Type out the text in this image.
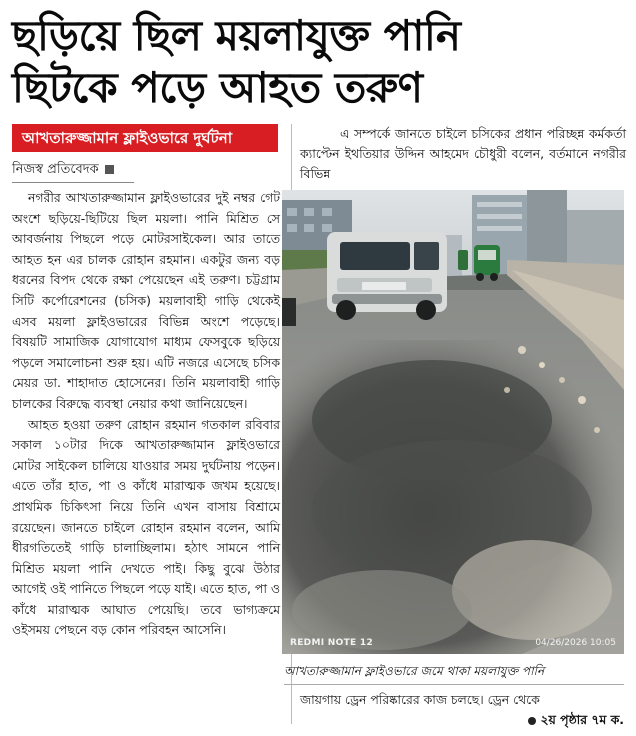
ছড়িয়ে ছিল ময়লাযুক্ত পানি
ছিটকে পড়ে আহত তরুণ
আখতারুজ্জামান ফ্লাইওভারে দুর্ঘটনা
নিজস্ব প্রতিবেদক

নগরীর আখতারুজ্জামান ফ্লাইওভারের দুই নম্বর গেট অংশে ছড়িয়ে-ছিটিয়ে ছিল ময়লা। পানি মিশ্রিত সে আবর্জনায় পিছলে পড়ে মোটরসাইকেল। আর তাতে আহত হন এর চালক রোহান রহমান। একটুর জন্য বড় ধরনের বিপদ থেকে রক্ষা পেয়েছেন এই তরুণ। চট্টগ্রাম সিটি কর্পোরেশনের (চসিক) ময়লাবাহী গাড়ি থেকেই এসব ময়লা ফ্লাইওভারের বিভিন্ন অংশে পড়েছে। বিষয়টি সামাজিক যোগাযোগ মাধ্যম ফেসবুকে ছড়িয়ে পড়লে সমালোচনা শুরু হয়। এটি নজরে এসেছে চসিক মেয়র ডা. শাহাদাত হোসেনের। তিনি ময়লাবাহী গাড়ি চালকের বিরুদ্ধে ব্যবস্থা নেয়ার কথা জানিয়েছেন।

আহত হওয়া তরুণ রোহান রহমান গতকাল রবিবার সকাল ১০টার দিকে আখতারুজ্জামান ফ্লাইওভারে মোটর সাইকেল চালিয়ে যাওয়ার সময় দুর্ঘটনায় পড়েন। এতে তাঁর হাত, পা ও কাঁধে মারাত্মক জখম হয়েছে। প্রাথমিক চিকিৎসা নিয়ে তিনি এখন বাসায় বিশ্রামে রয়েছেন। জানতে চাইলে রোহান রহমান বলেন, আমি ধীরগতিতেই গাড়ি চালাচ্ছিলাম। হঠাৎ সামনে পানি মিশ্রিত ময়লা পানি দেখতে পাই। কিছু বুঝে উঠার আগেই ওই পানিতে পিছলে পড়ে যাই। এতে হাত, পা ও কাঁধে মারাত্মক আঘাত পেয়েছি। তবে ভাগ্যক্রমে ওইসময় পেছনে বড় কোন পরিবহন আসেনি।

এ সম্পর্কে জানতে চাইলে চসিকের প্রধান পরিচ্ছন্ন কর্মকর্তা ক্যাপ্টেন ইথতিয়ার উদ্দিন আহমেদ চৌধুরী বলেন, বর্তমানে নগরীর বিভিন্ন

REDMI NOTE 12	04/26/2026 10:05
আখতারুজ্জামান ফ্লাইওভারে জমে থাকা ময়লাযুক্ত পানি

জায়গায় ড্রেন পরিষ্কারের কাজ চলছে। ড্রেন থেকে

২য় পৃষ্ঠার ৭ম ক.
